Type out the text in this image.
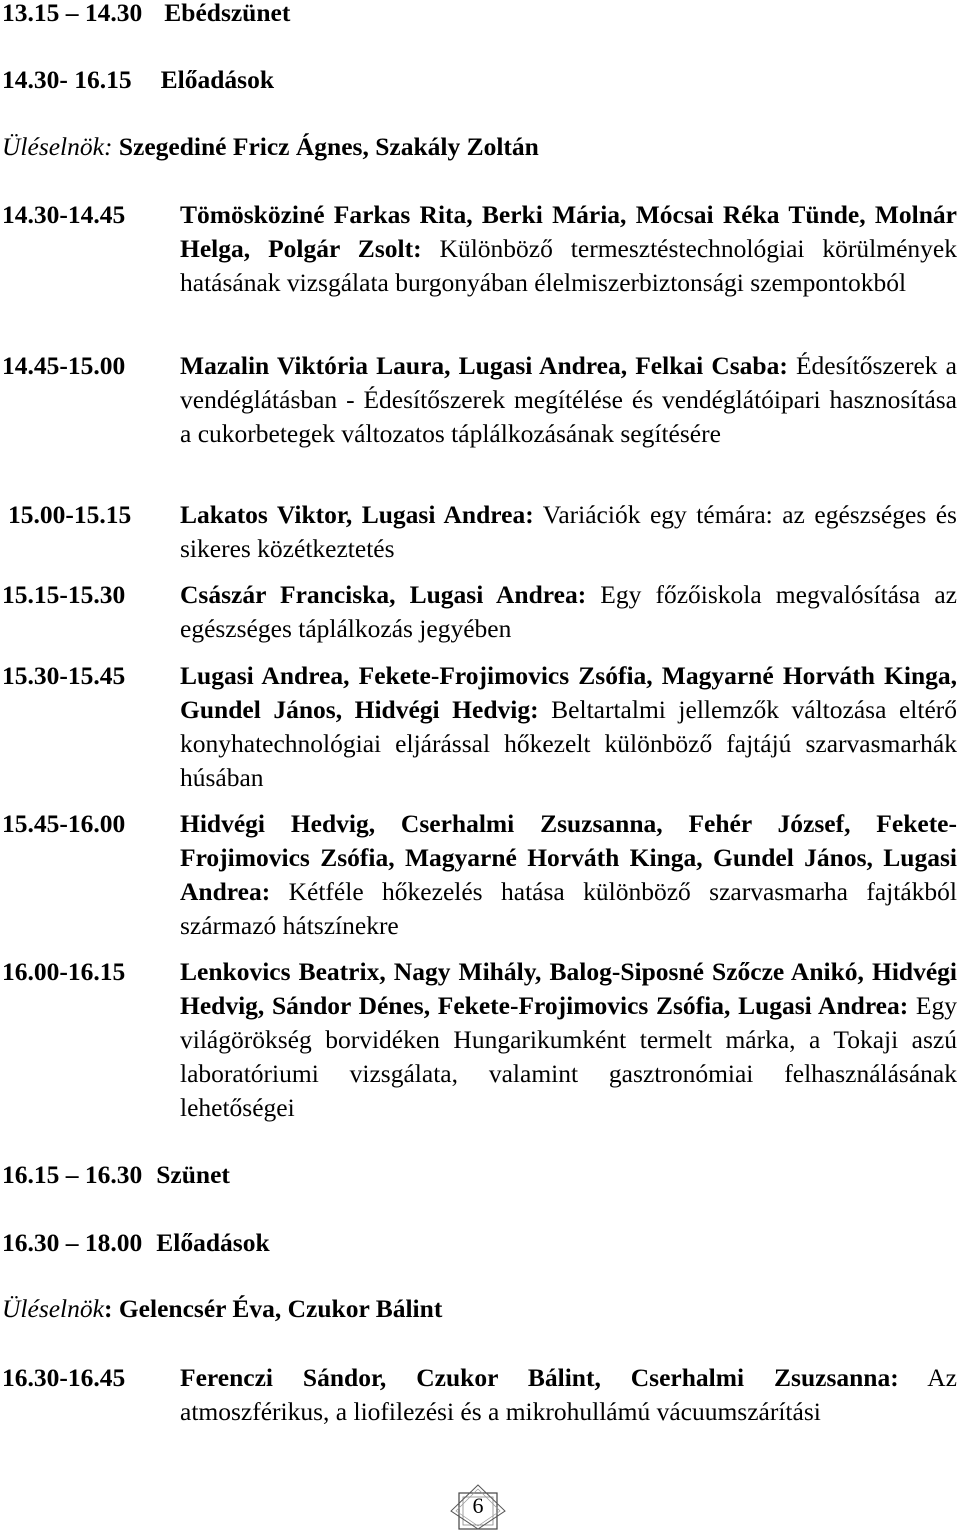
13.15 – 14.30 Ebédszünet
14.30- 16.15 Előadások
Üléselnök: Szegediné Fricz Ágnes, Szakály Zoltán
14.30-14.45 Tömösköziné Farkas Rita, Berki Mária, Mócsai Réka Tünde, Molnár Helga, Polgár Zsolt: Különböző termesztéstechnológiai körülmények hatásának vizsgálata burgonyában élelmiszerbiztonsági szempontokból
14.45-15.00 Mazalin Viktória Laura, Lugasi Andrea, Felkai Csaba: Édesítőszerek a vendéglátásban - Édesítőszerek megítélése és vendéglátóipari hasznosítása a cukorbetegek változatos táplálkozásának segítésére
15.00-15.15 Lakatos Viktor, Lugasi Andrea: Variációk egy témára: az egészséges és sikeres közétkeztetés
15.15-15.30 Császár Franciska, Lugasi Andrea: Egy főzőiskola megvalósítása az egészséges táplálkozás jegyében
15.30-15.45 Lugasi Andrea, Fekete-Frojimovics Zsófia, Magyarné Horváth Kinga, Gundel János, Hidvégi Hedvig: Beltartalmi jellemzők változása eltérő konyhatechnológiai eljárással hőkezelt különböző fajtájú szarvasmarhák húsában
15.45-16.00 Hidvégi Hedvig, Cserhalmi Zsuzsanna, Fehér József, Fekete-Frojimovics Zsófia, Magyarné Horváth Kinga, Gundel János, Lugasi Andrea: Kétféle hőkezelés hatása különböző szarvasmarha fajtákból származó hátszínekre
16.00-16.15 Lenkovics Beatrix, Nagy Mihály, Balog-Siposné Szőcze Anikó, Hidvégi Hedvig, Sándor Dénes, Fekete-Frojimovics Zsófia, Lugasi Andrea: Egy világörökség borvidéken Hungarikumként termelt márka, a Tokaji aszú laboratóriumi vizsgálata, valamint gasztronómiai felhasználásának lehetőségei
16.15 – 16.30 Szünet
16.30 – 18.00 Előadások
Üléselnök: Gelencsér Éva, Czukor Bálint
16.30-16.45 Ferenczi Sándor, Czukor Bálint, Cserhalmi Zsuzsanna: Az atmoszférikus, a liofilezési és a mikrohullámú vácuumszárítási
6
